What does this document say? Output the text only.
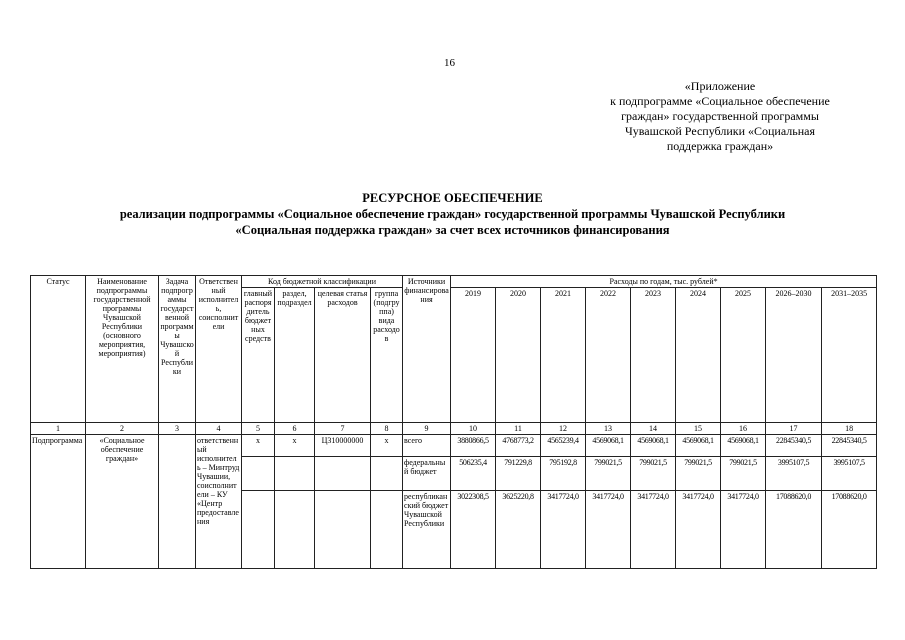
16
«Приложение
к подпрограмме «Социальное обеспечение
граждан» государственной программы
Чувашской Республики «Социальная
поддержка граждан»
РЕСУРСНОЕ ОБЕСПЕЧЕНИЕ
реализации подпрограммы «Социальное обеспечение граждан» государственной программы Чувашской Республики
«Социальная поддержка граждан» за счет всех источников финансирования
Статус	Наименование подпрограммы государственной программы Чувашской Республики (основного мероприятия, мероприятия)	Задача подпрограммы государственной программы Чувашской Республики	Ответственный исполнитель, соисполнители	Код бюджетной классификации				Источники финансирования	Расходы по годам, тыс. рублей*								
				главный распорядитель бюджетных средств	раздел, подраздел	целевая статья расходов	группа (подгруппа) вида расходов		2019	2020	2021	2022	2023	2024	2025	2026–2030	2031–2035
1	2	3	4	5	6	7	8	9	10	11	12	13	14	15	16	17	18
Подпрограмма	«Социальное обеспечение граждан»		ответственный исполнитель – Минтруд Чувашии, соисполнители – КУ «Центр предоставления	х	х	Ц310000000	х	всего	3880866,5	4768773,2	4565239,4	4569068,1	4569068,1	4569068,1	4569068,1	22845340,5	22845340,5
								федеральный бюджет	506235,4	791229,8	795192,8	799021,5	799021,5	799021,5	799021,5	3995107,5	3995107,5
								республиканский бюджет Чувашской Республики	3022308,5	3625220,8	3417724,0	3417724,0	3417724,0	3417724,0	3417724,0	17088620,0	17088620,0
